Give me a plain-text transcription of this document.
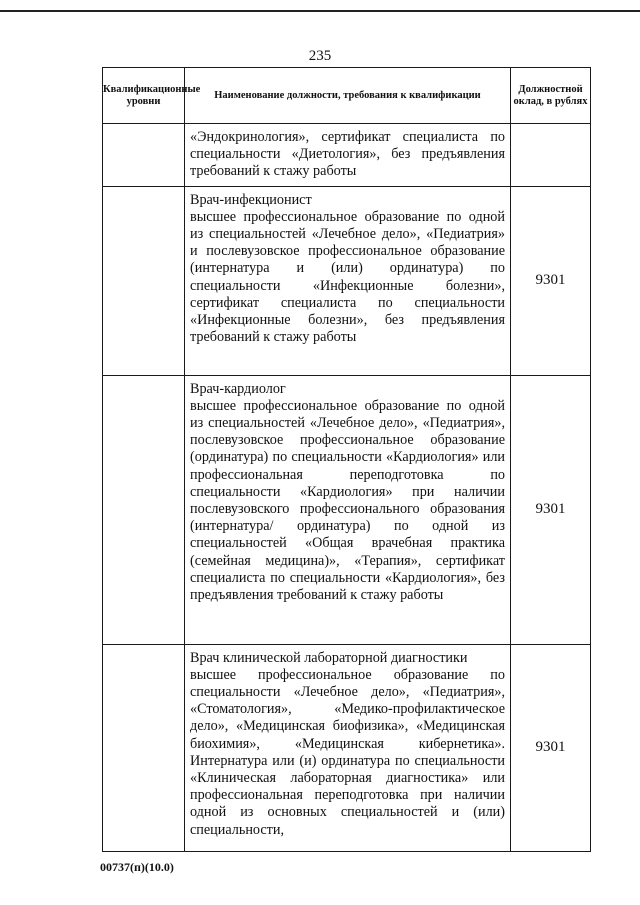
235
Квалификационные уровни	Наименование должности, требования к квалификации	Должностной оклад, в рублях

	«Эндокринология», сертификат специалиста по специальности «Диетология», без предъявления требований к стажу работы	

	Врач-инфекционист
высшее профессиональное образование по одной из специальностей «Лечебное дело», «Педиатрия» и послевузовское профессиональное образование (интернатура и (или) ординатура) по специальности «Инфекционные болезни», сертификат специалиста по специальности «Инфекционные болезни», без предъявления требований к стажу работы	9301

	Врач-кардиолог
высшее профессиональное образование по одной из специальностей «Лечебное дело», «Педиатрия», послевузовское профессиональное образование (ординатура) по специальности «Кардиология» или профессиональная переподготовка по специальности «Кардиология» при наличии послевузовского профессионального образования (интернатура/ ординатура) по одной из специальностей «Общая врачебная практика (семейная медицина)», «Терапия», сертификат специалиста по специальности «Кардиология», без предъявления требований к стажу работы	9301

	Врач клинической лабораторной диагностики
высшее профессиональное образование по специальности «Лечебное дело», «Педиатрия», «Стоматология», «Медико-профилактическое дело», «Медицинская биофизика», «Медицинская биохимия», «Медицинская кибернетика». Интернатура или (и) ординатура по специальности «Клиническая лабораторная диагностика» или профессиональная переподготовка при наличии одной из основных специальностей и (или) специальности,	9301
00737(п)(10.0)
